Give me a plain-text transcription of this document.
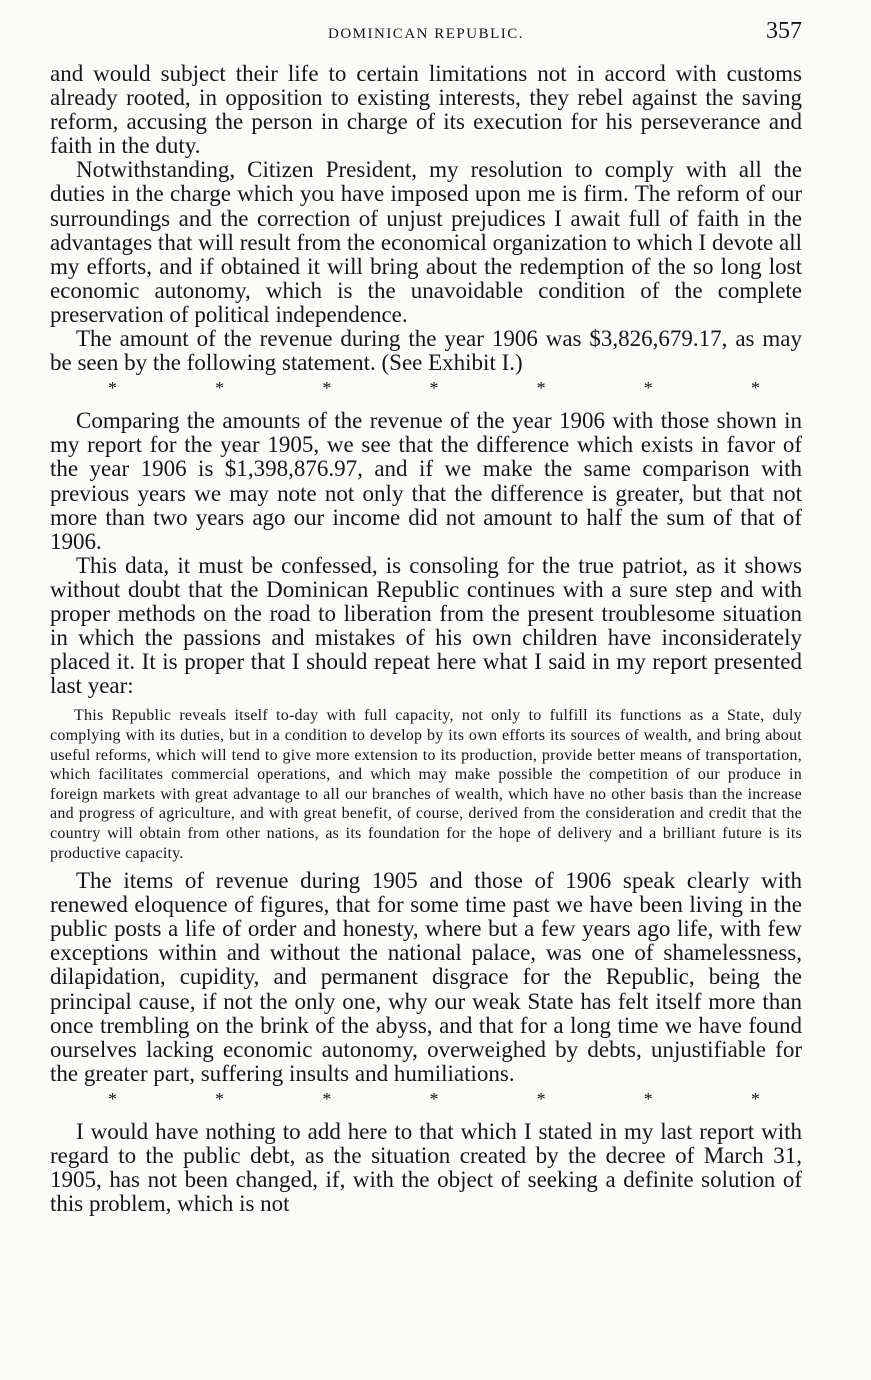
DOMINICAN REPUBLIC.	357

and would subject their life to certain limitations not in accord with customs already rooted, in opposition to existing interests, they rebel against the saving reform, accusing the person in charge of its execution for his perseverance and faith in the duty.

Notwithstanding, Citizen President, my resolution to comply with all the duties in the charge which you have imposed upon me is firm. The reform of our surroundings and the correction of unjust prejudices I await full of faith in the advantages that will result from the economical organization to which I devote all my efforts, and if obtained it will bring about the redemption of the so long lost economic autonomy, which is the unavoidable condition of the complete preservation of political independence.

The amount of the revenue during the year 1906 was $3,826,679.17, as may be seen by the following statement. (See Exhibit I.)

*	*	*	*	*	*	*

Comparing the amounts of the revenue of the year 1906 with those shown in my report for the year 1905, we see that the difference which exists in favor of the year 1906 is $1,398,876.97, and if we make the same comparison with previous years we may note not only that the difference is greater, but that not more than two years ago our income did not amount to half the sum of that of 1906.

This data, it must be confessed, is consoling for the true patriot, as it shows without doubt that the Dominican Republic continues with a sure step and with proper methods on the road to liberation from the present troublesome situation in which the passions and mistakes of his own children have inconsiderately placed it. It is proper that I should repeat here what I said in my report presented last year:

This Republic reveals itself to-day with full capacity, not only to fulfill its functions as a State, duly complying with its duties, but in a condition to develop by its own efforts its sources of wealth, and bring about useful reforms, which will tend to give more extension to its production, provide better means of transportation, which facilitates commercial operations, and which may make possible the competition of our produce in foreign markets with great advantage to all our branches of wealth, which have no other basis than the increase and progress of agriculture, and with great benefit, of course, derived from the consideration and credit that the country will obtain from other nations, as its foundation for the hope of delivery and a brilliant future is its productive capacity.

The items of revenue during 1905 and those of 1906 speak clearly with renewed eloquence of figures, that for some time past we have been living in the public posts a life of order and honesty, where but a few years ago life, with few exceptions within and without the national palace, was one of shamelessness, dilapidation, cupidity, and permanent disgrace for the Republic, being the principal cause, if not the only one, why our weak State has felt itself more than once trembling on the brink of the abyss, and that for a long time we have found ourselves lacking economic autonomy, overweighed by debts, unjustifiable for the greater part, suffering insults and humiliations.

*	*	*	*	*	*	*

I would have nothing to add here to that which I stated in my last report with regard to the public debt, as the situation created by the decree of March 31, 1905, has not been changed, if, with the object of seeking a definite solution of this problem, which is not
